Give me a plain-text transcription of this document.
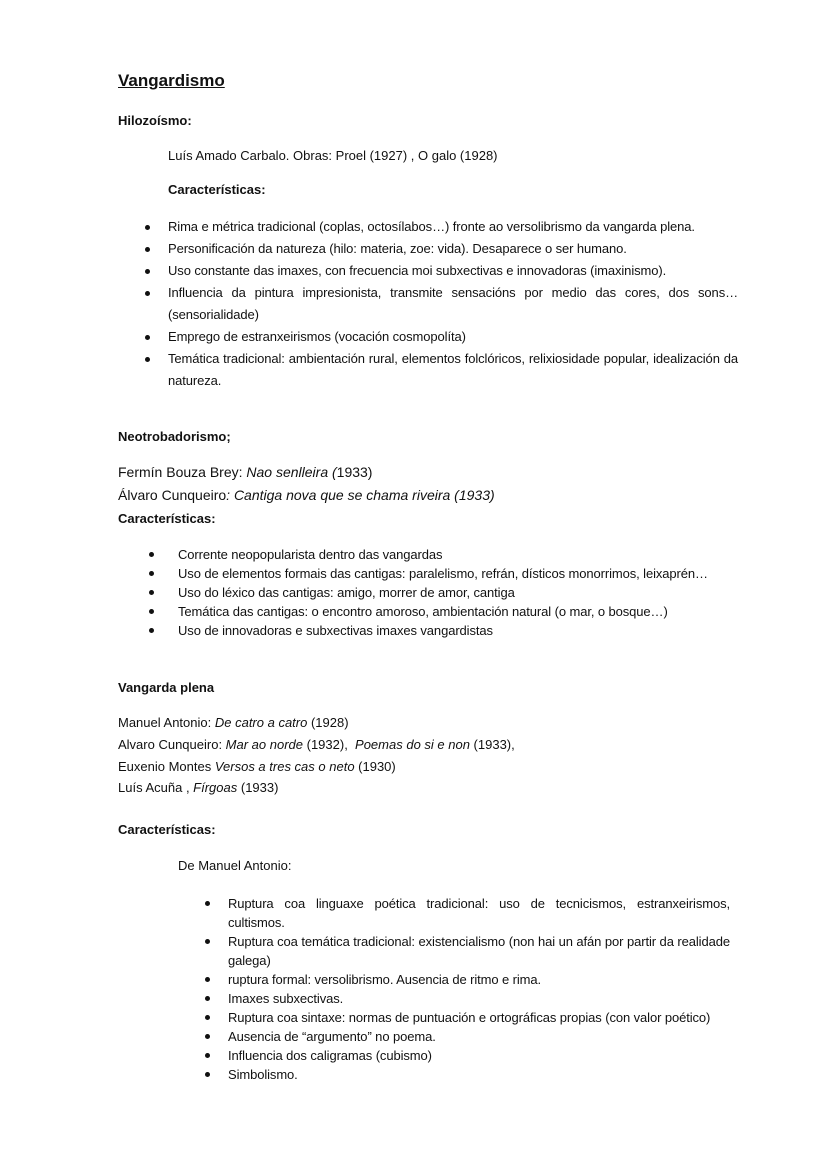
Vangardismo
Hilozoísmo:
Luís Amado Carbalo. Obras: Proel (1927) , O galo (1928)
Características:
Rima e métrica tradicional (coplas, octosílabos…) fronte ao versolibrismo da vangarda plena.
Personificación da natureza (hilo: materia, zoe: vida). Desaparece o ser humano.
Uso constante das imaxes, con frecuencia moi subxectivas e innovadoras (imaxinismo).
Influencia da pintura impresionista, transmite sensacións por medio das cores, dos sons… (sensorialidade)
Emprego de estranxeirismos (vocación cosmopolíta)
Temática tradicional: ambientación rural, elementos folclóricos, relixiosidade popular, idealización da natureza.
Neotrobadorismo;
Fermín Bouza Brey: Nao senlleira (1933)
Álvaro Cunqueiro: Cantiga nova que se chama riveira (1933)
Características:
Corrente neopopularista dentro das vangardas
Uso de elementos formais das cantigas: paralelismo, refrán, dísticos monorrimos, leixaprén…
Uso do léxico das cantigas: amigo, morrer de amor, cantiga
Temática das cantigas: o encontro amoroso, ambientación natural (o mar, o bosque…)
Uso de innovadoras e subxectivas imaxes vangardistas
Vangarda plena
Manuel Antonio: De catro a catro (1928)
Alvaro Cunqueiro: Mar ao norde (1932),  Poemas do si e non (1933),
Euxenio Montes Versos a tres cas o neto (1930)
Luís Acuña , Fírgoas (1933)
Características:
De Manuel Antonio:
Ruptura coa linguaxe poética tradicional: uso de tecnicismos, estranxeirismos, cultismos.
Ruptura coa temática tradicional: existencialismo (non hai un afán por partir da realidade galega)
ruptura formal: versolibrismo. Ausencia de ritmo e rima.
Imaxes subxectivas.
Ruptura coa sintaxe: normas de puntuación e ortográficas propias (con valor poético)
Ausencia de “argumento” no poema.
Influencia dos caligramas (cubismo)
Simbolismo.
